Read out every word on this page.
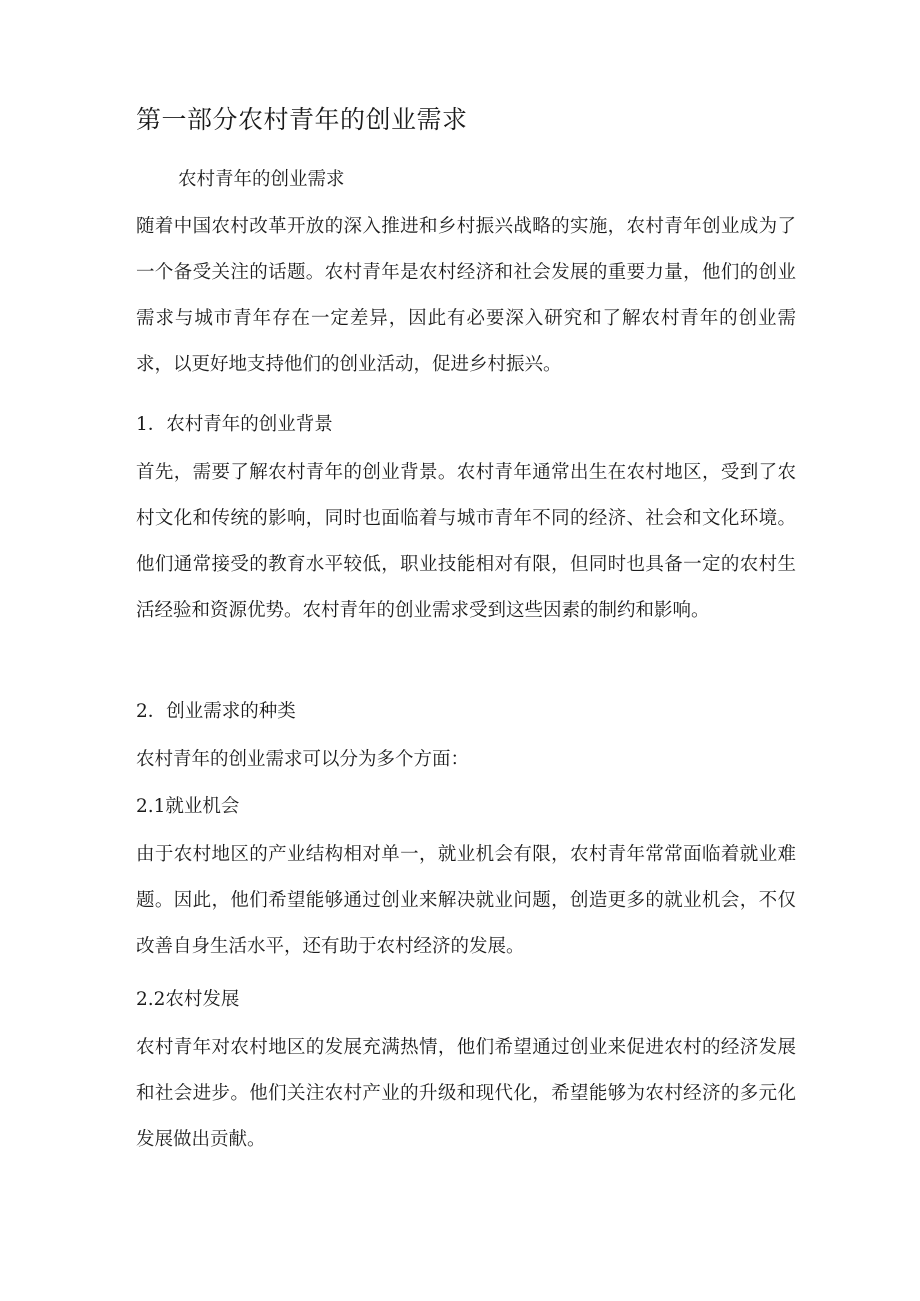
第一部分农村青年的创业需求

农村青年的创业需求

随着中国农村改革开放的深入推进和乡村振兴战略的实施，农村青年创业成为了一个备受关注的话题。农村青年是农村经济和社会发展的重要力量，他们的创业需求与城市青年存在一定差异，因此有必要深入研究和了解农村青年的创业需求，以更好地支持他们的创业活动，促进乡村振兴。

1．农村青年的创业背景

首先，需要了解农村青年的创业背景。农村青年通常出生在农村地区，受到了农村文化和传统的影响，同时也面临着与城市青年不同的经济、社会和文化环境。他们通常接受的教育水平较低，职业技能相对有限，但同时也具备一定的农村生活经验和资源优势。农村青年的创业需求受到这些因素的制约和影响。

2．创业需求的种类

农村青年的创业需求可以分为多个方面：

2.1就业机会

由于农村地区的产业结构相对单一，就业机会有限，农村青年常常面临着就业难题。因此，他们希望能够通过创业来解决就业问题，创造更多的就业机会，不仅改善自身生活水平，还有助于农村经济的发展。

2.2农村发展

农村青年对农村地区的发展充满热情，他们希望通过创业来促进农村的经济发展和社会进步。他们关注农村产业的升级和现代化，希望能够为农村经济的多元化发展做出贡献。
